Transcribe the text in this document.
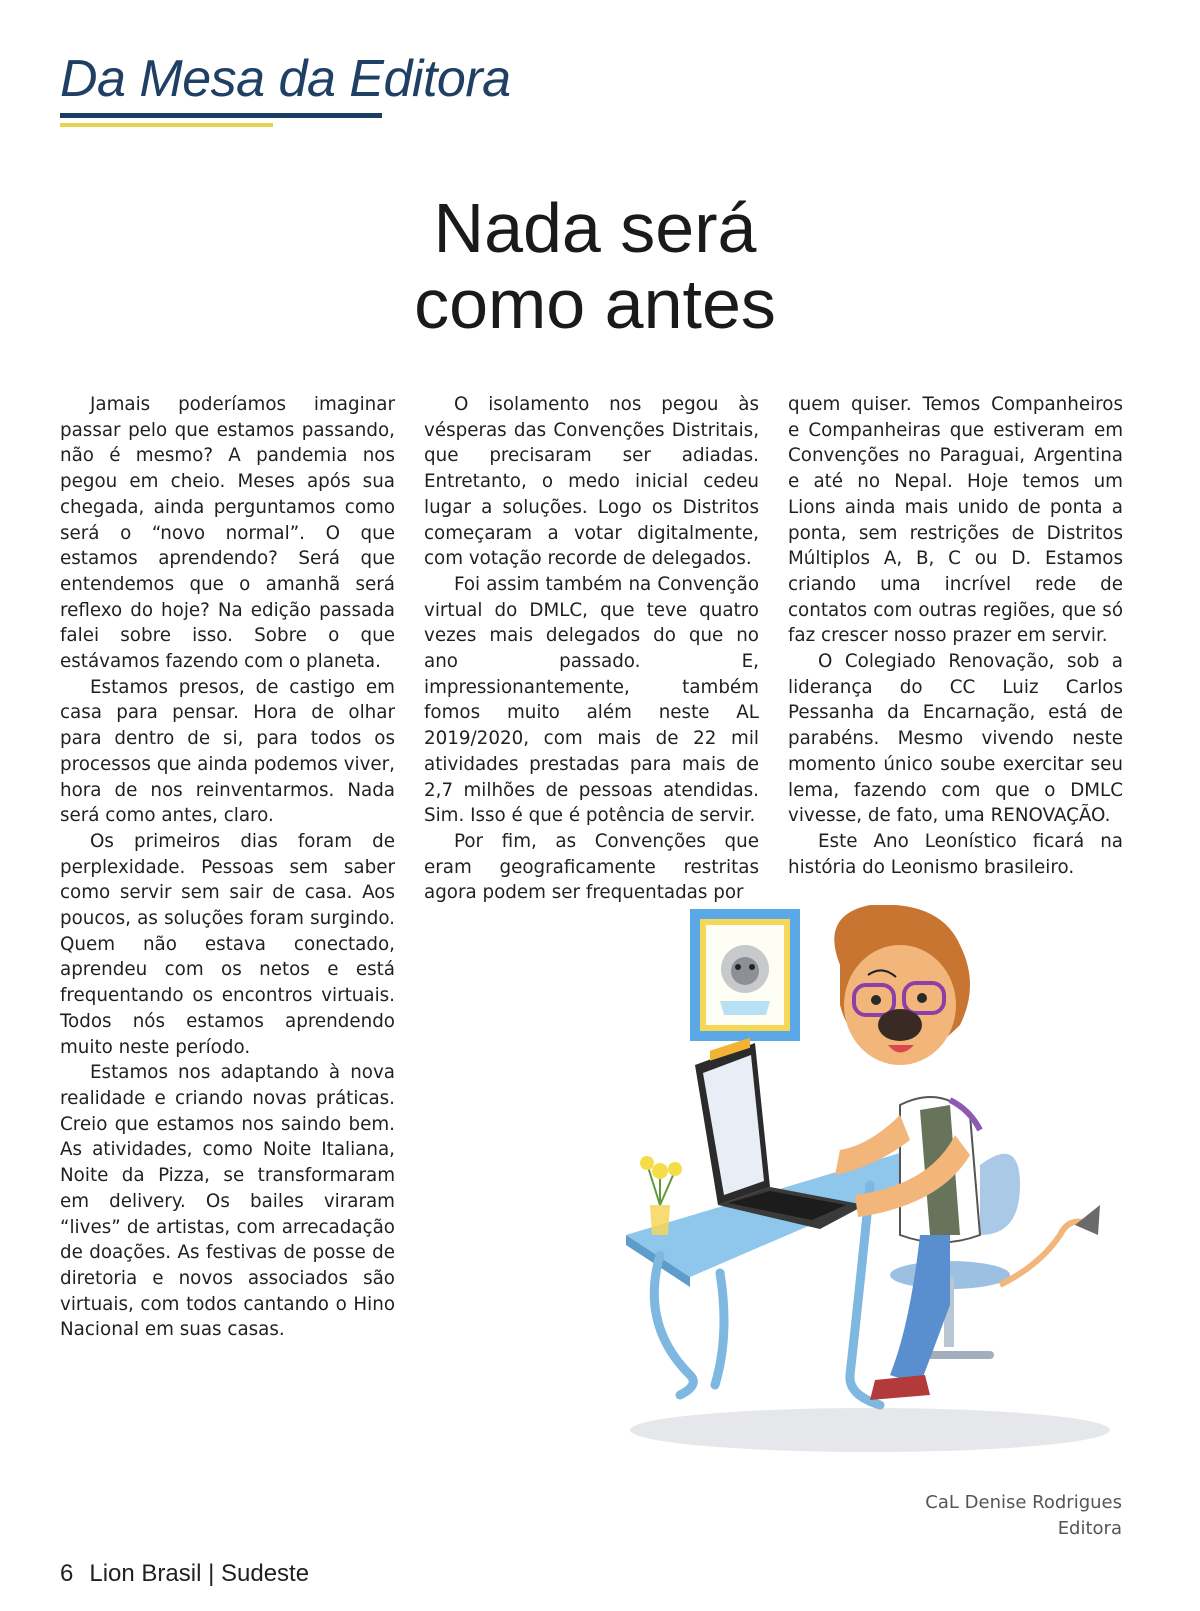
Da Mesa da Editora
Nada será
como antes

Jamais poderíamos imaginar passar pelo que estamos passando, não é mesmo? A pandemia nos pegou em cheio. Meses após sua chegada, ainda perguntamos como será o “novo normal”. O que estamos aprendendo? Será que entendemos que o amanhã será reflexo do hoje? Na edição passada falei sobre isso. Sobre o que estávamos fazendo com o planeta.

Estamos presos, de castigo em casa para pensar. Hora de olhar para dentro de si, para todos os processos que ainda podemos viver, hora de nos reinventarmos. Nada será como antes, claro.

Os primeiros dias foram de perplexidade. Pessoas sem saber como servir sem sair de casa. Aos poucos, as soluções foram surgindo. Quem não estava conectado, aprendeu com os netos e está frequentando os encontros virtuais. Todos nós estamos aprendendo muito neste período.

Estamos nos adaptando à nova realidade e criando novas práticas. Creio que estamos nos saindo bem. As atividades, como Noite Italiana, Noite da Pizza, se transformaram em delivery. Os bailes viraram “lives” de artistas, com arrecadação de doações. As festivas de posse de diretoria e novos associados são virtuais, com todos cantando o Hino Nacional em suas casas.

O isolamento nos pegou às vésperas das Convenções Distritais, que precisaram ser adiadas. Entretanto, o medo inicial cedeu lugar a soluções. Logo os Distritos começaram a votar digitalmente, com votação recorde de delegados.

Foi assim também na Convenção virtual do DMLC, que teve quatro vezes mais delegados do que no ano passado. E, impressionantemente, também fomos muito além neste AL 2019/2020, com mais de 22 mil atividades prestadas para mais de 2,7 milhões de pessoas atendidas. Sim. Isso é que é potência de servir.

Por fim, as Convenções que eram geograficamente restritas agora podem ser frequentadas por

quem quiser. Temos Companheiros e Companheiras que estiveram em Convenções no Paraguai, Argentina e até no Nepal. Hoje temos um Lions ainda mais unido de ponta a ponta, sem restrições de Distritos Múltiplos A, B, C ou D. Estamos criando uma incrível rede de contatos com outras regiões, que só faz crescer nosso prazer em servir.

O Colegiado Renovação, sob a liderança do CC Luiz Carlos Pessanha da Encarnação, está de parabéns. Mesmo vivendo neste momento único soube exercitar seu lema, fazendo com que o DMLC vivesse, de fato, uma RENOVAÇÃO.

Este Ano Leonístico ficará na história do Leonismo brasileiro.

CaL Denise Rodrigues
Editora
6 Lion Brasil | Sudeste
